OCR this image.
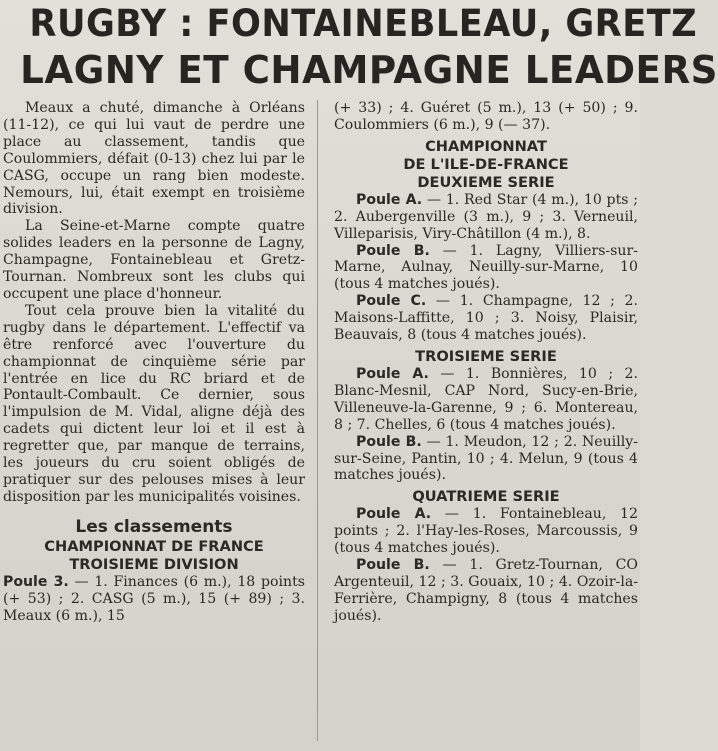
RUGBY : FONTAINEBLEAU, GRETZ
LAGNY ET CHAMPAGNE LEADERS

Meaux a chuté, dimanche à Orléans (11-12), ce qui lui vaut de perdre une place au classement, tandis que Coulommiers, défait (0-13) chez lui par le CASG, occupe un rang bien modeste. Nemours, lui, était exempt en troisième division.

La Seine-et-Marne compte quatre solides leaders en la personne de Lagny, Champagne, Fontainebleau et Gretz-Tournan. Nombreux sont les clubs qui occupent une place d'honneur.

Tout cela prouve bien la vitalité du rugby dans le département. L'effectif va être renforcé avec l'ouverture du championnat de cinquième série par l'entrée en lice du RC briard et de Pontault-Combault. Ce dernier, sous l'impulsion de M. Vidal, aligne déjà des cadets qui dictent leur loi et il est à regretter que, par manque de terrains, les joueurs du cru soient obligés de pratiquer sur des pelouses mises à leur disposition par les municipalités voisines.

Les classements
CHAMPIONNAT DE FRANCE
TROISIEME DIVISION

Poule 3. — 1. Finances (6 m.), 18 points (+ 53) ; 2. CASG (5 m.), 15 (+ 89) ; 3. Meaux (6 m.), 15

(+ 33) ; 4. Guéret (5 m.), 13 (+ 50) ; 9. Coulommiers (6 m.), 9 (— 37).

CHAMPIONNAT
DE L'ILE-DE-FRANCE
DEUXIEME SERIE

Poule A. — 1. Red Star (4 m.), 10 pts ; 2. Aubergenville (3 m.), 9 ; 3. Verneuil, Villeparisis, Viry-Châtillon (4 m.), 8.

Poule B. — 1. Lagny, Villiers-sur-Marne, Aulnay, Neuilly-sur-Marne, 10 (tous 4 matches joués).

Poule C. — 1. Champagne, 12 ; 2. Maisons-Laffitte, 10 ; 3. Noisy, Plaisir, Beauvais, 8 (tous 4 matches joués).

TROISIEME SERIE

Poule A. — 1. Bonnières, 10 ; 2. Blanc-Mesnil, CAP Nord, Sucy-en-Brie, Villeneuve-la-Garenne, 9 ; 6. Montereau, 8 ; 7. Chelles, 6 (tous 4 matches joués).

Poule B. — 1. Meudon, 12 ; 2. Neuilly-sur-Seine, Pantin, 10 ; 4. Melun, 9 (tous 4 matches joués).

QUATRIEME SERIE

Poule A. — 1. Fontainebleau, 12 points ; 2. l'Hay-les-Roses, Marcoussis, 9 (tous 4 matches joués).

Poule B. — 1. Gretz-Tournan, CO Argenteuil, 12 ; 3. Gouaix, 10 ; 4. Ozoir-la-Ferrière, Champigny, 8 (tous 4 matches joués).
